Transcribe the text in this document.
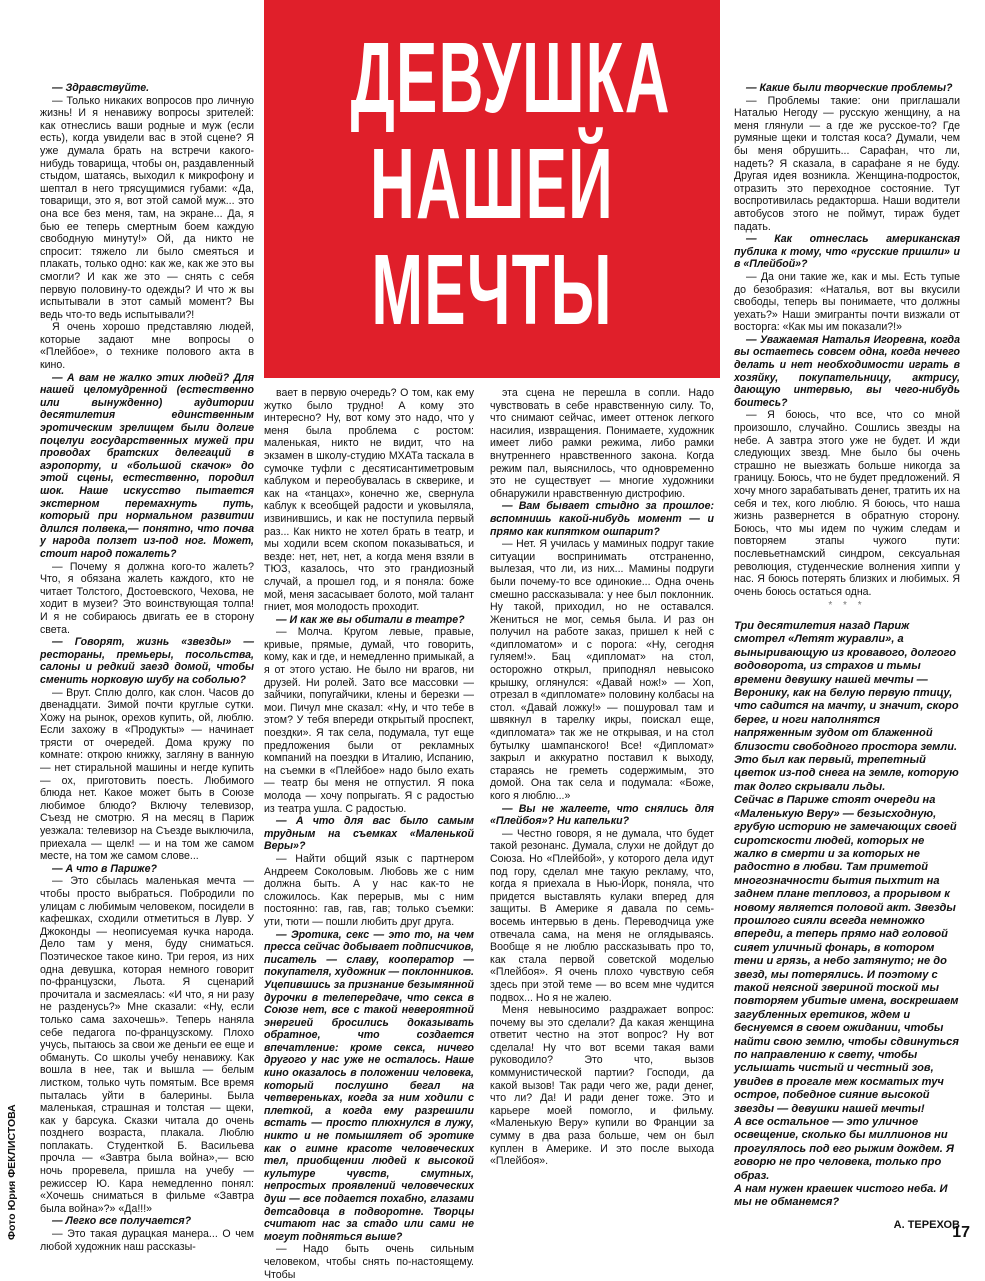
ДЕВУШКА
НАШЕЙ
МЕЧТЫ

— Здравствуйте.

— Только никаких вопросов про личную жизнь! И я ненавижу вопросы зрителей: как отнеслись ваши родные и муж (если есть), когда увидели вас в этой сцене? Я уже думала брать на встречи какого-нибудь товарища, чтобы он, раздавленный стыдом, шатаясь, выходил к микрофону и шептал в него трясущимися губами: «Да, товарищи, это я, вот этой самой муж... это она все без меня, там, на экране... Да, я бью ее теперь смертным боем каждую свободную минуту!» Ой, да никто не спросит: тяжело ли было смеяться и плакать, только одно: как же, как же это вы смогли? И как же это — снять с себя первую половину-то одежды? И что ж вы испытывали в этот самый момент? Вы ведь что-то ведь испытывали?!

Я очень хорошо представляю людей, которые задают мне вопросы о «Плейбое», о технике полового акта в кино.

— А вам не жалко этих людей? Для нашей целомудренной (естественно или вынужденно) аудитории десятилетия единственным эротическим зрелищем были долгие поцелуи государственных мужей при проводах братских делегаций в аэропорту, и «большой скачок» до этой сцены, естественно, породил шок. Наше искусство пытается экстерном перемахнуть путь, который при нормальном развитии длился полвека,— понятно, что почва у народа ползет из-под ног. Может, стоит народ пожалеть?

— Почему я должна кого-то жалеть? Что, я обязана жалеть каждого, кто не читает Толстого, Достоевского, Чехова, не ходит в музеи? Это воинствующая толпа! И я не собираюсь двигать ее в сторону света.

— Говорят, жизнь «звезды» — рестораны, премьеры, посольства, салоны и редкий заезд домой, чтобы сменить норковую шубу на соболью?

— Врут. Сплю долго, как слон. Часов до двенадцати. Зимой почти круглые сутки. Хожу на рынок, орехов купить, ой, люблю. Если захожу в «Продукты» — начинает трясти от очередей. Дома кружу по комнате: открою книжку, загляну в ванную — нет стиральной машины и негде купить — ох, приготовить поесть. Любимого блюда нет. Какое может быть в Союзе любимое блюдо? Включу телевизор, Съезд не смотрю. Я на месяц в Париж уезжала: телевизор на Съезде выключила, приехала — щелк! — и на том же самом месте, на том же самом слове...

— А что в Париже?

— Это сбылась маленькая мечта — чтобы просто выбраться. Побродили по улицам с любимым человеком, посидели в кафешках, сходили отметиться в Лувр. У Джоконды — неописуемая кучка народа. Дело там у меня, буду сниматься. Поэтическое такое кино. Три героя, из них одна девушка, которая немного говорит по-французски, Льота. Я сценарий прочитала и засмеялась: «И что, я ни разу не разденусь?» Мне сказали: «Ну, если только сама захочешь». Теперь наняла себе педагога по-французскому. Плохо учусь, пытаюсь за свои же деньги ее еще и обмануть. Со школы учебу ненавижу. Как вошла в нее, так и вышла — белым листком, только чуть помятым. Все время пыталась уйти в балерины. Была маленькая, страшная и толстая — щеки, как у барсука. Сказки читала до очень позднего возраста, плакала. Люблю поплакать. Студенткой Б. Васильева прочла — «Завтра была война»,— всю ночь проревела, пришла на учебу — режиссер Ю. Кара немедленно понял: «Хочешь сниматься в фильме «Завтра была война»?» «Да!!!»

— Легко все получается?

— Это такая дурацкая манера... О чем любой художник наш рассказы-

вает в первую очередь? О том, как ему жутко было трудно! А кому это интересно? Ну, вот кому это надо, что у меня была проблема с ростом: маленькая, никто не видит, что на экзамен в школу-студию МХАТа таскала в сумочке туфли с десятисантиметровым каблуком и переобувалась в скверике, и как на «танцах», конечно же, свернула каблук к всеобщей радости и уковыляла, извинившись, и как не поступила первый раз... Как никто не хотел брать в театр, и мы ходили всем скопом показываться, и везде: нет, нет, нет, а когда меня взяли в ТЮЗ, казалось, что это грандиозный случай, а прошел год, и я поняла: боже мой, меня засасывает болото, мой талант гниет, моя молодость проходит.

— И как же вы обитали в театре?

— Молча. Кругом левые, правые, кривые, прямые, думай, что говорить, кому, как и где, и немедленно примыкай, а я от этого устаю. Не было ни врагов, ни друзей. Ни ролей. Зато все массовки — зайчики, попугайчики, клены и березки — мои. Пичул мне сказал: «Ну, и что тебе в этом? У тебя впереди открытый проспект, поездки». Я так села, подумала, тут еще предложения были от рекламных компаний на поездки в Италию, Испанию, на съемки в «Плейбое» надо было ехать — театр бы меня не отпустил. Я пока молода — хочу попрыгать. Я с радостью из театра ушла. С радостью.

— А что для вас было самым трудным на съемках «Маленькой Веры»?

— Найти общий язык с партнером Андреем Соколовым. Любовь же с ним должна быть. А у нас как-то не сложилось. Как перерыв, мы с ним постоянно: гав, гав, гав; только съемки: ути, тюти — пошли любить друг друга.

— Эротика, секс — это то, на чем пресса сейчас добывает подписчиков, писатель — славу, кооператор — покупателя, художник — поклонников. Уцепившись за признание безымянной дурочки в телепередаче, что секса в Союзе нет, все с такой невероятной энергией бросились доказывать обратное, что создается впечатление: кроме секса, ничего другого у нас уже не осталось. Наше кино оказалось в положении человека, который послушно бегал на четвереньках, когда за ним ходили с плеткой, а когда ему разрешили встать — просто плюхнулся в лужу, никто и не помышляет об эротике как о гимне красоте человеческих тел, приобщении людей к высокой культуре чувств, смутных, непростых проявлений человеческих душ — все подается похабно, глазами детсадовца в подворотне. Творцы считают нас за стадо или сами не могут подняться выше?

— Надо быть очень сильным человеком, чтобы снять по-настоящему. Чтобы

эта сцена не перешла в сопли. Надо чувствовать в себе нравственную силу. То, что снимают сейчас, имеет оттенок легкого насилия, извращения. Понимаете, художник имеет либо рамки режима, либо рамки внутреннего нравственного закона. Когда режим пал, выяснилось, что одновременно это не существует — многие художники обнаружили нравственную дистрофию.

— Вам бывает стыдно за прошлое: вспомнишь какой-нибудь момент — и прямо как кипятком ошпарит?

— Нет. Я училась у маминых подруг такие ситуации воспринимать отстраненно, вылезая, что ли, из них... Мамины подруги были почему-то все одинокие... Одна очень смешно рассказывала: у нее был поклонник. Ну такой, приходил, но не оставался. Жениться не мог, семья была. И раз он получил на работе заказ, пришел к ней с «дипломатом» и с порога: «Ну, сегодня гуляем!». Бац «дипломат» на стол, осторожно открыл, приподнял невысоко крышку, оглянулся: «Давай нож!» — Хоп, отрезал в «дипломате» половину колбасы на стол. «Давай ложку!» — пошуровал там и швякнул в тарелку икры, поискал еще, «дипломата» так же не открывая, и на стол бутылку шампанского! Все! «Дипломат» закрыл и аккуратно поставил к выходу, стараясь не греметь содержимым, это домой. Она так села и подумала: «Боже, кого я люблю...»

— Вы не жалеете, что снялись для «Плейбоя»? Ни капельки?

— Честно говоря, я не думала, что будет такой резонанс. Думала, слухи не дойдут до Союза. Но «Плейбой», у которого дела идут под гору, сделал мне такую рекламу, что, когда я приехала в Нью-Йорк, поняла, что придется выставлять кулаки вперед для защиты. В Америке я давала по семь-восемь интервью в день. Переводчица уже отвечала сама, на меня не оглядываясь. Вообще я не люблю рассказывать про то, как стала первой советской моделью «Плейбоя». Я очень плохо чувствую себя здесь при этой теме — во всем мне чудится подвох... Но я не жалею.

Меня невыносимо раздражает вопрос: почему вы это сделали? Да какая женщина ответит честно на этот вопрос? Ну вот сделала! Ну что вот всеми такая вами руководило? Это что, вызов коммунистической партии? Господи, да какой вызов! Так ради чего же, ради денег, что ли? Да! И ради денег тоже. Это и карьере моей помогло, и фильму. «Маленькую Веру» купили во Франции за сумму в два раза больше, чем он был куплен в Америке. И это после выхода «Плейбоя».

— Какие были творческие проблемы?

— Проблемы такие: они приглашали Наталью Негоду — русскую женщину, а на меня глянули — а где же русское-то? Где румяные щеки и толстая коса? Думали, чем бы меня обрушить... Сарафан, что ли, надеть? Я сказала, в сарафане я не буду. Другая идея возникла. Женщина-подросток, отразить это переходное состояние. Тут воспротивилась редакторша. Наши водители автобусов этого не поймут, тираж будет падать.

— Как отнеслась американская публика к тому, что «русские пришли» и в «Плейбой»?

— Да они такие же, как и мы. Есть тупые до безобразия: «Наталья, вот вы вкусили свободы, теперь вы понимаете, что должны уехать?» Наши эмигранты почти визжали от восторга: «Как мы им показали?!»

— Уважаемая Наталья Игоревна, когда вы остаетесь совсем одна, когда нечего делать и нет необходимости играть в хозяйку, покупательницу, актрису, дающую интервью, вы чего-нибудь боитесь?

— Я боюсь, что все, что со мной произошло, случайно. Сошлись звезды на небе. А завтра этого уже не будет. И жди следующих звезд. Мне было бы очень страшно не выезжать больше никогда за границу. Боюсь, что не будет предложений. Я хочу много зарабатывать денег, тратить их на себя и тех, кого люблю. Я боюсь, что наша жизнь развернется в обратную сторону. Боюсь, что мы идем по чужим следам и повторяем этапы чужого пути: послевьетнамский синдром, сексуальная революция, студенческие волнения хиппи у нас. Я боюсь потерять близких и любимых. Я очень боюсь остаться одна.

* * *

Три десятилетия назад Париж смотрел «Летят журавли», а выныривающую из кровавого, долгого водоворота, из страхов и тьмы времени девушку нашей мечты — Веронику, как на белую первую птицу, что садится на мачту, и значит, скоро берег, и ноги наполнятся напряженным зудом от блаженной близости свободного простора земли. Это был как первый, трепетный цветок из-под снега на земле, которую так долго скрывали льды.

Сейчас в Париже стоят очереди на «Маленькую Веру» — безысходную, грубую историю не замечающих своей сиротскости людей, которых не жалко в смерти и за которых не радостно в любви. Там приметой многозначности бытия пыхтит на заднем плане тепловоз, а прорывом к новому является половой акт. Звезды прошлого сияли всегда немножко впереди, а теперь прямо над головой сияет уличный фонарь, в котором тени и грязь, а небо затянуто; не до звезд, мы потерялись. И поэтому с такой неясной звериной тоской мы повторяем убитые имена, воскрешаем загубленных еретиков, ждем и беснуемся в своем ожидании, чтобы найти свою землю, чтобы сдвинуться по направлению к свету, чтобы услышать чистый и честный зов, увидев в прогале меж косматых туч острое, победное сияние высокой звезды — девушки нашей мечты!

А все остальное — это уличное освещение, сколько бы миллионов ни прогулялось под его рыжим дождем. Я говорю не про человека, только про образ.

А нам нужен краешек чистого неба. И мы не обманемся?

А. ТЕРЕХОВ
Фото Юрия ФЕКЛИСТОВА	17
